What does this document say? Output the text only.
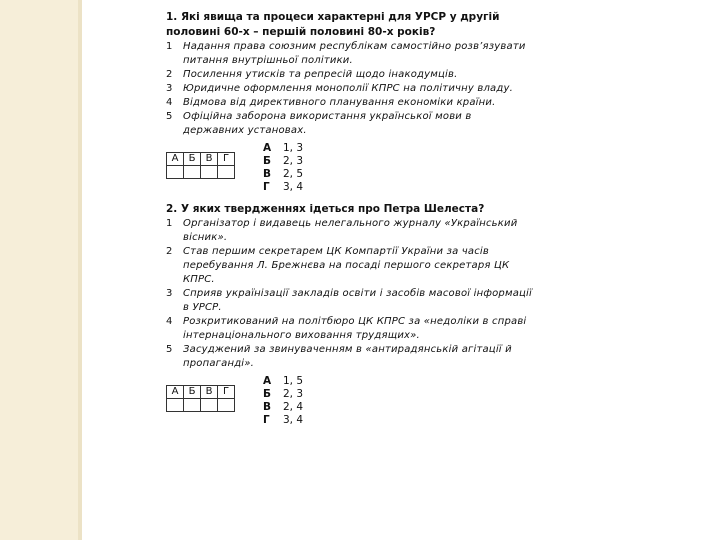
1. Які явища та процеси характерні для УРСР у другій половині 60-х – першій половині 80-х років?
1	Надання права союзним республікам самостійно розв’язувати питання внутрішньої політики.
2	Посилення утисків та репресій щодо інакодумців.
3	Юридичне оформлення монополії КПРС на політичну владу.
4	Відмова від директивного планування економіки країни.
5	Офіційна заборона використання української мови в державних установах.
А	Б	В	Г

А	1, 3
Б	2, 3
В	2, 5
Г	3, 4
2. У яких твердженнях ідеться про Петра Шелеста?
1	Організатор і видавець нелегального журналу «Український вісник».
2	Став першим секретарем ЦК Компартії України за часів перебування Л. Брежнєва на посаді першого секретаря ЦК КПРС.
3	Сприяв українізації закладів освіти і засобів масової інформації в УРСР.
4	Розкритикований на політбюро ЦК КПРС за «недоліки в справі інтернаціонального виховання трудящих».
5	Засуджений за звинуваченням в «антирадянській агітації й пропаганді».
А	Б	В	Г

А	1, 5
Б	2, 3
В	2, 4
Г	3, 4
